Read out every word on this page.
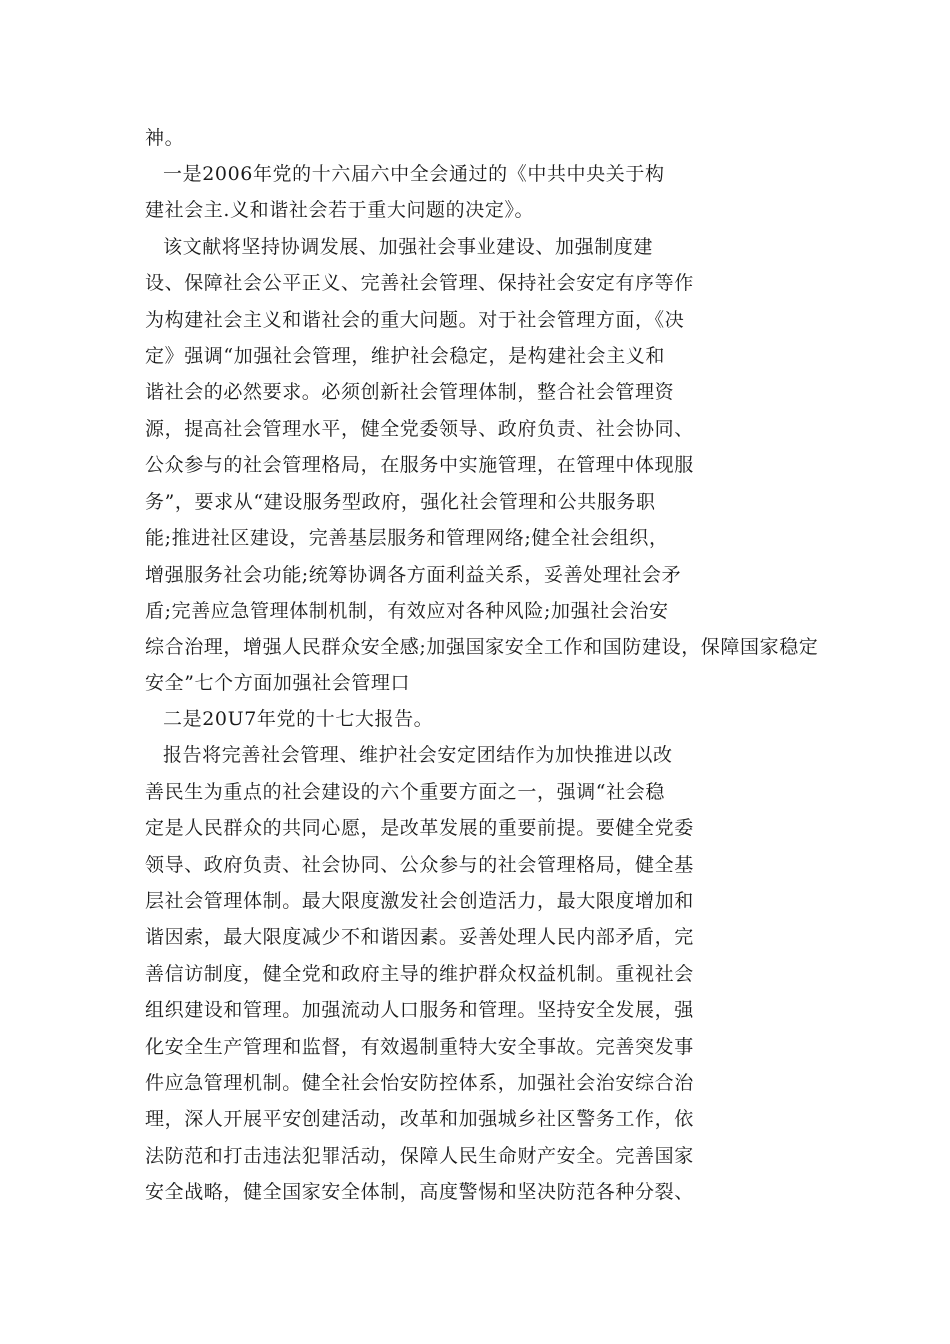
神。

一是2006年党的十六届六中全会通过的《中共中央关于构

建社会主.义和谐社会若于重大问题的决定》。

该文献将坚持协调发展、加强社会事业建设、加强制度建

设、保障社会公平正义、完善社会管理、保持社会安定有序等作

为构建社会主义和谐社会的重大问题。对于社会管理方面，《决

定》强调“加强社会管理，维护社会稳定，是构建社会主义和

谐社会的必然要求。必须创新社会管理体制，整合社会管理资

源，提高社会管理水平，健全党委领导、政府负责、社会协同、

公众参与的社会管理格局，在服务中实施管理，在管理中体现服

务”，要求从“建设服务型政府，强化社会管理和公共服务职

能;推进社区建设，完善基层服务和管理网络;健全社会组织，

增强服务社会功能;统筹协调各方面利益关系，妥善处理社会矛

盾;完善应急管理体制机制，有效应对各种风险;加强社会治安

综合治理，增强人民群众安全感;加强国家安全工作和国防建设，保障国家稳定

安全”七个方面加强社会管理口

二是20U7年党的十七大报告。

报告将完善社会管理、维护社会安定团结作为加快推进以改

善民生为重点的社会建设的六个重要方面之一，强调“社会稳

定是人民群众的共同心愿，是改革发展的重要前提。要健全党委

领导、政府负责、社会协同、公众参与的社会管理格局，健全基

层社会管理体制。最大限度激发社会创造活力，最大限度增加和

谐因索，最大限度减少不和谐因素。妥善处理人民内部矛盾，完

善信访制度，健全党和政府主导的维护群众权益机制。重视社会

组织建设和管理。加强流动人口服务和管理。坚持安全发展，强

化安全生产管理和监督，有效遏制重特大安全事故。完善突发事

件应急管理机制。健全社会怡安防控体系，加强社会治安综合治

理，深人开展平安创建活动，改革和加强城乡社区警务工作，依

法防范和打击违法犯罪活动，保障人民生命财产安全。完善国家

安全战略，健全国家安全体制，高度警惕和坚决防范各种分裂、
